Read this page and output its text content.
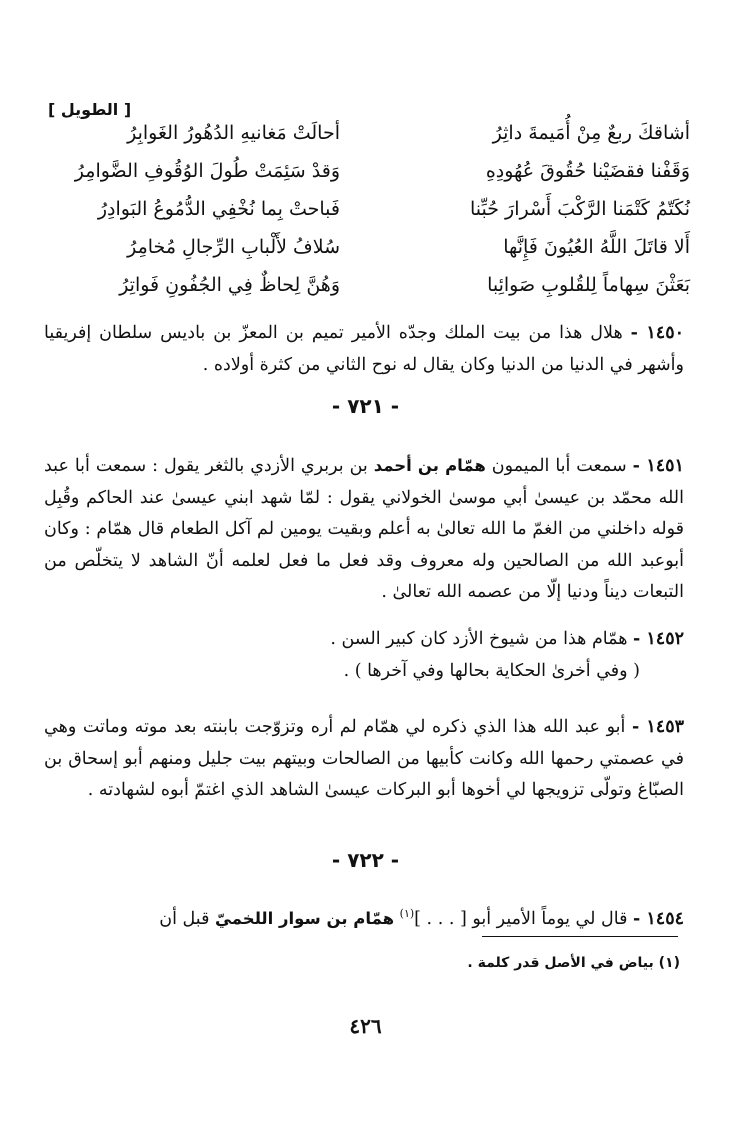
[ الطويل ]
أشاقكَ ربعٌ مِنْ أُمَيمةَ داثِرُ
أحالَتْ مَغانيهِ الدُهُورُ الغَوابِرُ
وَقَفْنا فقضَيْنا حُقُوقَ عُهُودِهِ
وَقدْ سَئِمَتْ طُولَ الوُقُوفِ الضَّوامِرُ
نُكَتّمُ كَتْمَنا الرَّكْبَ أَسْرارَ حُبِّنا
فَباحتْ بِما نُخْفِي الدُّمُوعُ البَوادِرُ
أَلا قاتَلَ اللَّهُ العُيُونَ فَإِنَّها
سُلافُ لأَلْبابِ الرِّجالِ مُخامِرُ
بَعَثْنَ سِهاماً لِلقُلوبِ صَوائِبا
وَهُنَّ لِحاظٌ فِي الجُفُونِ فَواتِرُ
١٤٥٠ - هلال هذا من بيت الملك وجدّه الأمير تميم بن المعزّ بن باديس سلطان إفريقيا وأشهر في الدنيا من الدنيا وكان يقال له نوح الثاني من كثرة أولاده .
- ٧٢١ -
١٤٥١ - سمعت أبا الميمون همّام بن أحمد بن بربري الأزدي بالثغر يقول : سمعت أبا عبد الله محمّد بن عيسىٰ أبي موسىٰ الخولاني يقول : لمّا شهد ابني عيسىٰ عند الحاكم وقُبِل قوله داخلني من الغمّ ما الله تعالىٰ به أعلم وبقيت يومين لم آكل الطعام قال همّام : وكان أبوعبد الله من الصالحين وله معروف وقد فعل ما فعل لعلمه أنّ الشاهد لا يتخلّص من التبعات ديناً ودنيا إلّا من عصمه الله تعالىٰ .
١٤٥٢ - همّام هذا من شيوخ الأزد كان كبير السن .
( وفي أخرىٰ الحكاية بحالها وفي آخرها ) .
١٤٥٣ - أبو عبد الله هذا الذي ذكره لي همّام لم أره وتزوّجت بابنته بعد موته وماتت وهي في عصمتي رحمها الله وكانت كأبيها من الصالحات وبيتهم بيت جليل ومنهم أبو إسحاق بن الصبّاغ وتولّى تزويجها لي أخوها أبو البركات عيسىٰ الشاهد الذي اغتمّ أبوه لشهادته .
- ٧٢٢ -
١٤٥٤ - قال لي يوماً الأمير أبو [ . . . ]$^{(١)}$ همّام بن سوار اللخميّ قبل أن
(١) بياض في الأصل قدر كلمة .
٤٢٦
